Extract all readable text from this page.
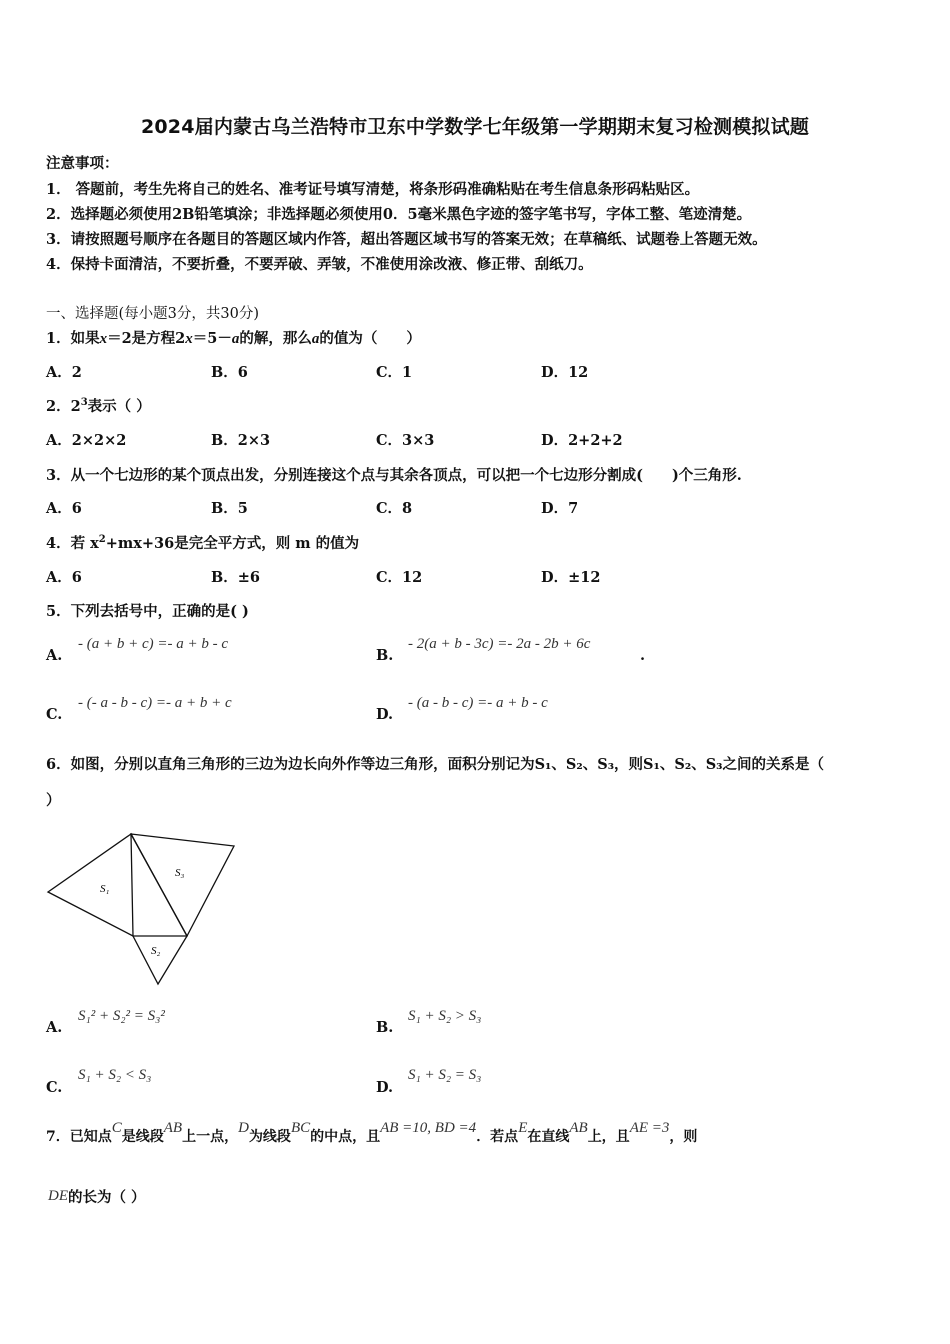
2024届内蒙古乌兰浩特市卫东中学数学七年级第一学期期末复习检测模拟试题
注意事项：
1． 答题前，考生先将自己的姓名、准考证号填写清楚，将条形码准确粘贴在考生信息条形码粘贴区。
2．选择题必须使用2B铅笔填涂；非选择题必须使用0．5毫米黑色字迹的签字笔书写，字体工整、笔迹清楚。
3．请按照题号顺序在各题目的答题区域内作答，超出答题区域书写的答案无效；在草稿纸、试题卷上答题无效。
4．保持卡面清洁，不要折叠，不要弄破、弄皱，不准使用涂改液、修正带、刮纸刀。
一、选择题(每小题3分，共30分)
1．如果x＝2是方程2x＝5－a的解，那么a的值为（　　）
A．2	B．6	C．1	D．12
2．$2^3$表示（ ）
A．2×2×2	B．2×3	C．3×3	D．2+2+2
3．从一个七边形的某个顶点出发，分别连接这个点与其余各顶点，可以把一个七边形分割成(　　)个三角形.
A．6	B．5	C．8	D．7
4．若 $x^2+mx+36$是完全平方式，则 m 的值为
A．6	B．±6	C．12	D．±12
5．下列去括号中，正确的是( )
A.
- (a + b + c) =- a + b - c
B.
- 2(a + b - 3c) =- 2a - 2b + 6c
.
C.
- (- a - b - c) =- a + b + c
D.
- (a - b - c) =- a + b - c
6．如图，分别以直角三角形的三边为边长向外作等边三角形，面积分别记为S₁、S₂、S₃，则S₁、S₂、S₃之间的关系是（
）
S₁
S₃
S₂
A.
S₁² + S₂² = S₃²
B.
S₁ + S₂ > S₃
C.
S₁ + S₂ < S₃
D.
S₁ + S₂ = S₃
7．已知点C是线段AB上一点，D为线段BC的中点，且AB =10, BD =4．若点E在直线AB上，且AE =3，则
DE的长为（ ）
